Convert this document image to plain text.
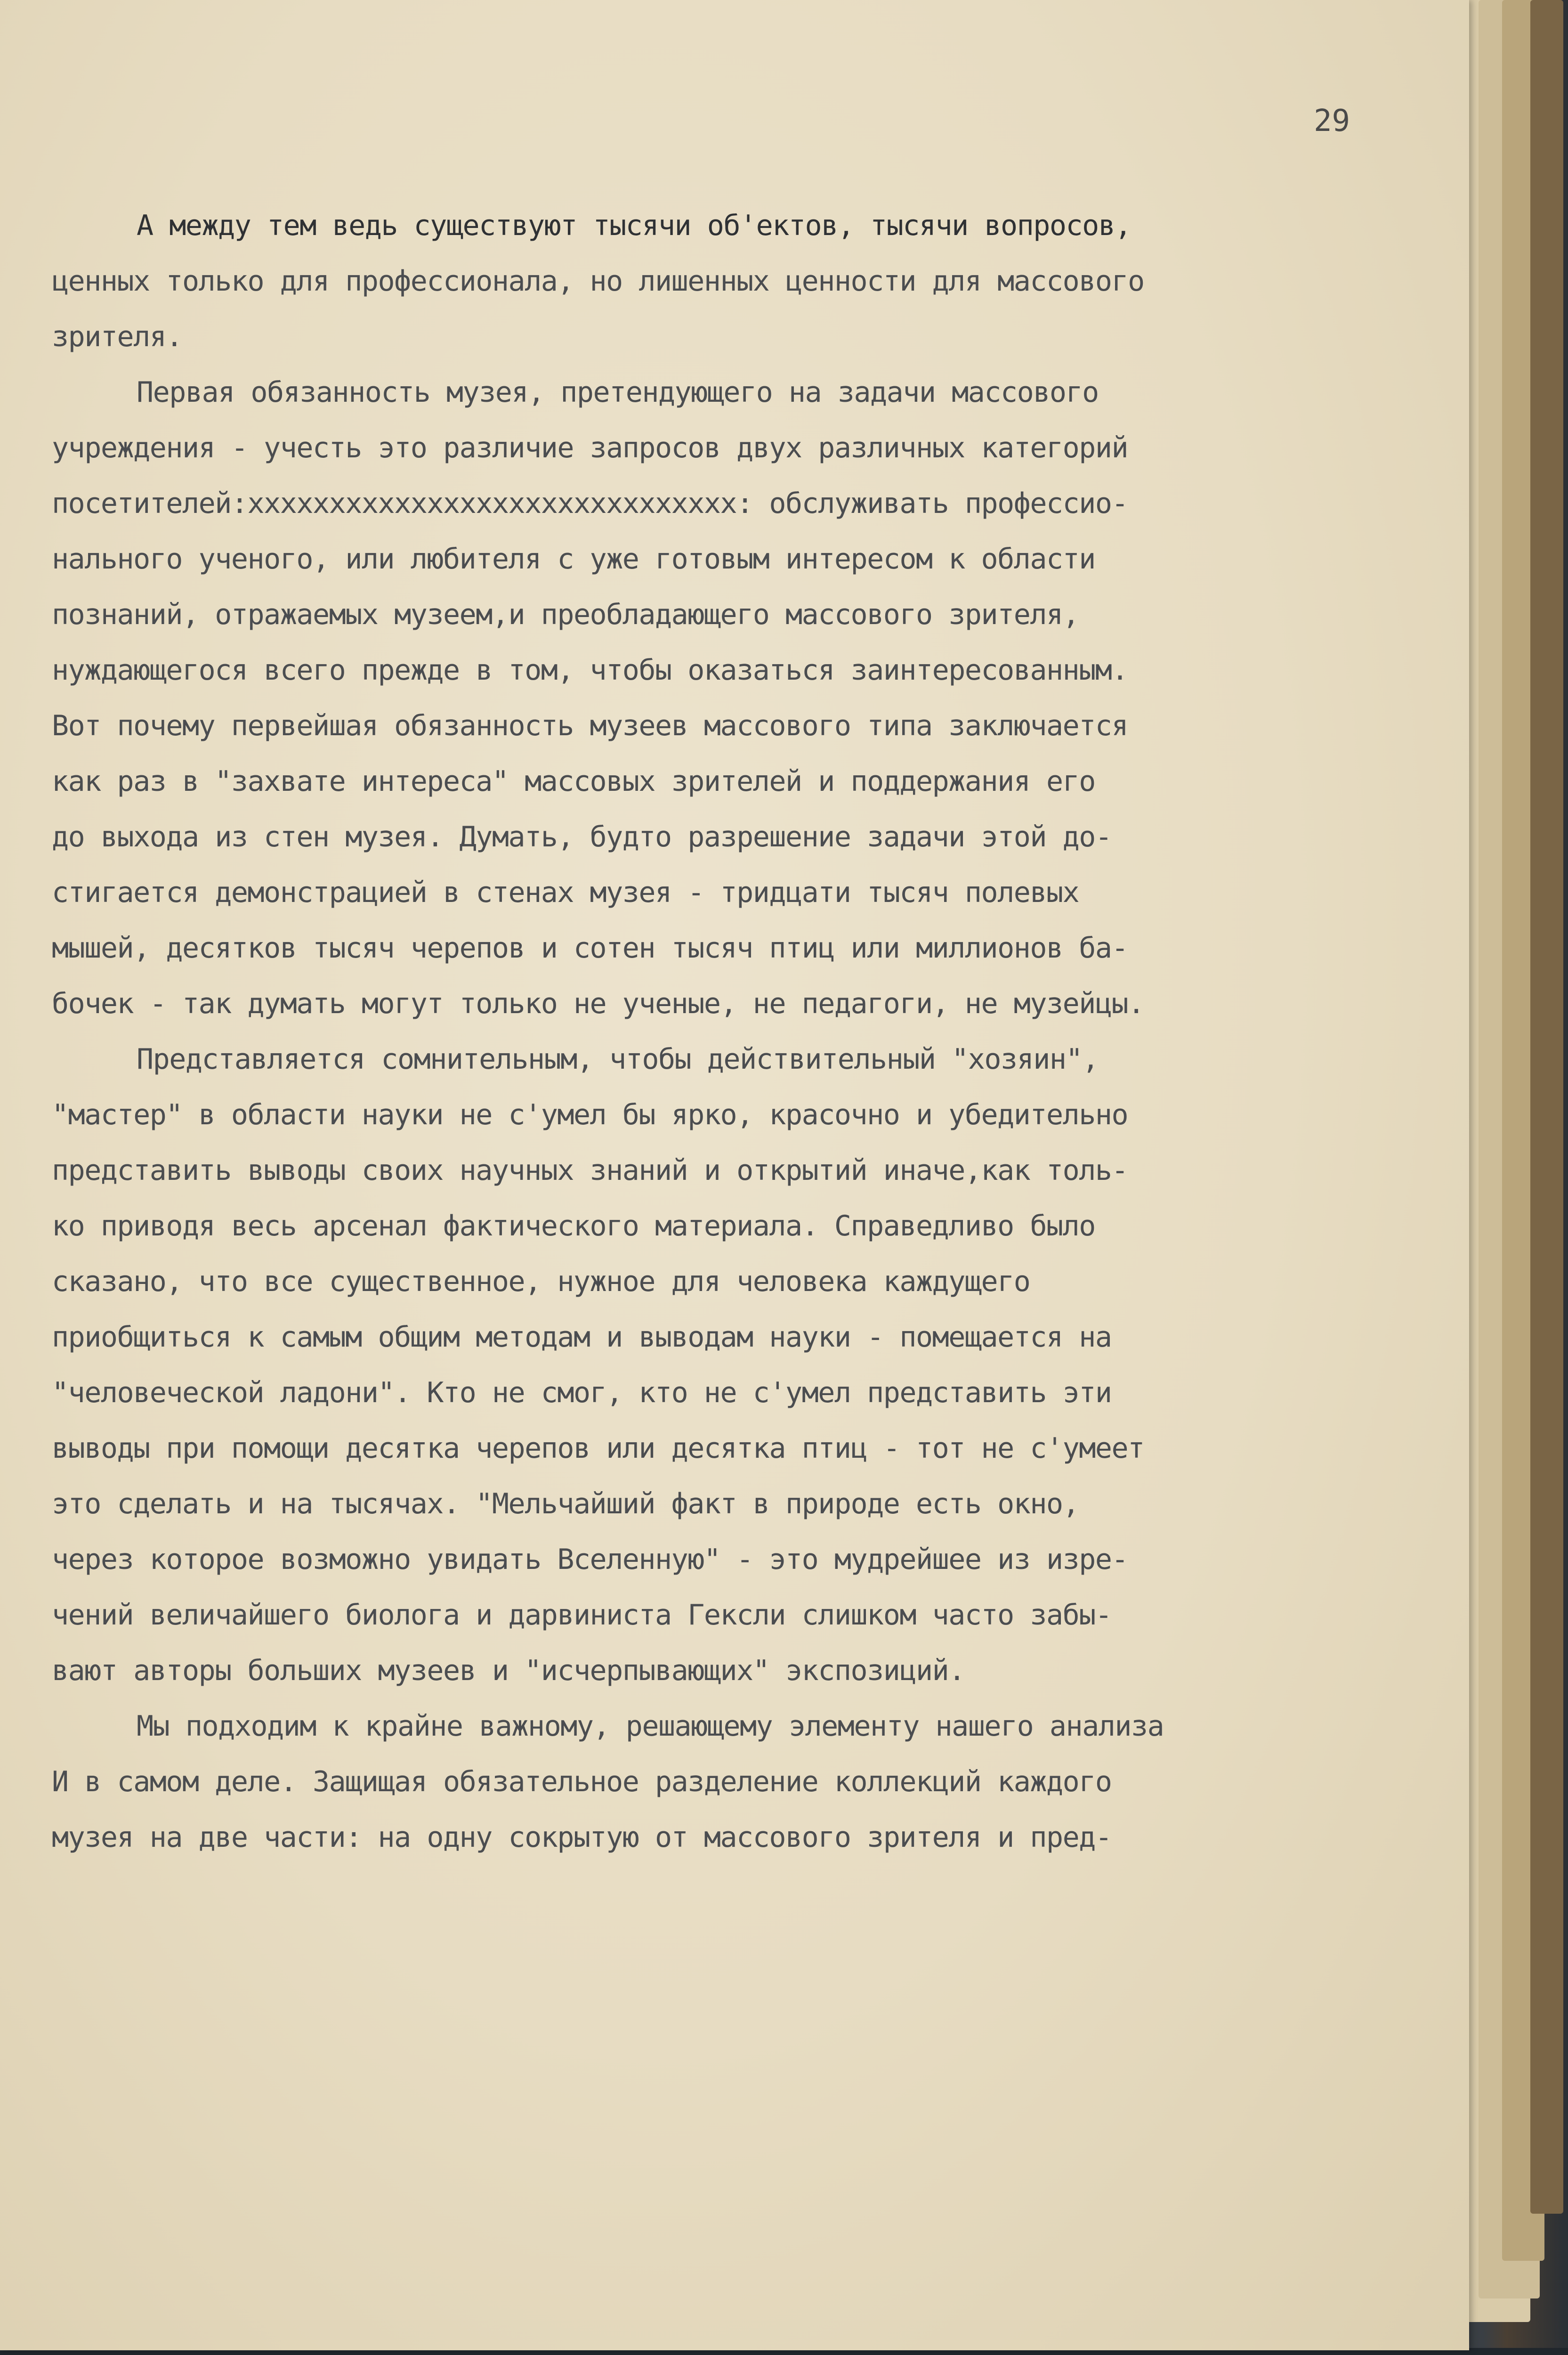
29
А между тем ведь существуют тысячи об'ектов, тысячи вопросов,
ценных только для профессионала, но лишенных ценности для массового
зрителя.
Первая обязанность музея, претендующего на задачи массового
учреждения - учесть это различие запросов двух различных категорий
посетителей:хххххххххххххххххххххххххххххх: обслуживать профессио-
нального ученого, или любителя с уже готовым интересом к области
познаний, отражаемых музеем,и преобладающего массового зрителя,
нуждающегося всего прежде в том, чтобы оказаться заинтересованным.
Вот почему первейшая обязанность музеев массового типа заключается
как раз в "захвате интереса" массовых зрителей и поддержания его
до выхода из стен музея. Думать, будто разрешение задачи этой до-
стигается демонстрацией в стенах музея - тридцати тысяч полевых
мышей, десятков тысяч черепов и сотен тысяч птиц или миллионов ба-
бочек - так думать могут только не ученые, не педагоги, не музейцы.
Представляется сомнительным, чтобы действительный "хозяин",
"мастер" в области науки не с'умел бы ярко, красочно и убедительно
представить выводы своих научных знаний и открытий иначе,как толь-
ко приводя весь арсенал фактического материала. Справедливо было
сказано, что все существенное, нужное для человека каждущего
приобщиться к самым общим методам и выводам науки - помещается на
"человеческой ладони". Кто не смог, кто не с'умел представить эти
выводы при помощи десятка черепов или десятка птиц - тот не с'умеет
это сделать и на тысячах. "Мельчайший факт в природе есть окно,
через которое возможно увидать Вселенную" - это мудрейшее из изре-
чений величайшего биолога и дарвиниста Гексли слишком часто забы-
вают авторы больших музеев и "исчерпывающих" экспозиций.
Мы подходим к крайне важному, решающему элементу нашего анализа
И в самом деле. Защищая обязательное разделение коллекций каждого
музея на две части: на одну сокрытую от массового зрителя и пред-
